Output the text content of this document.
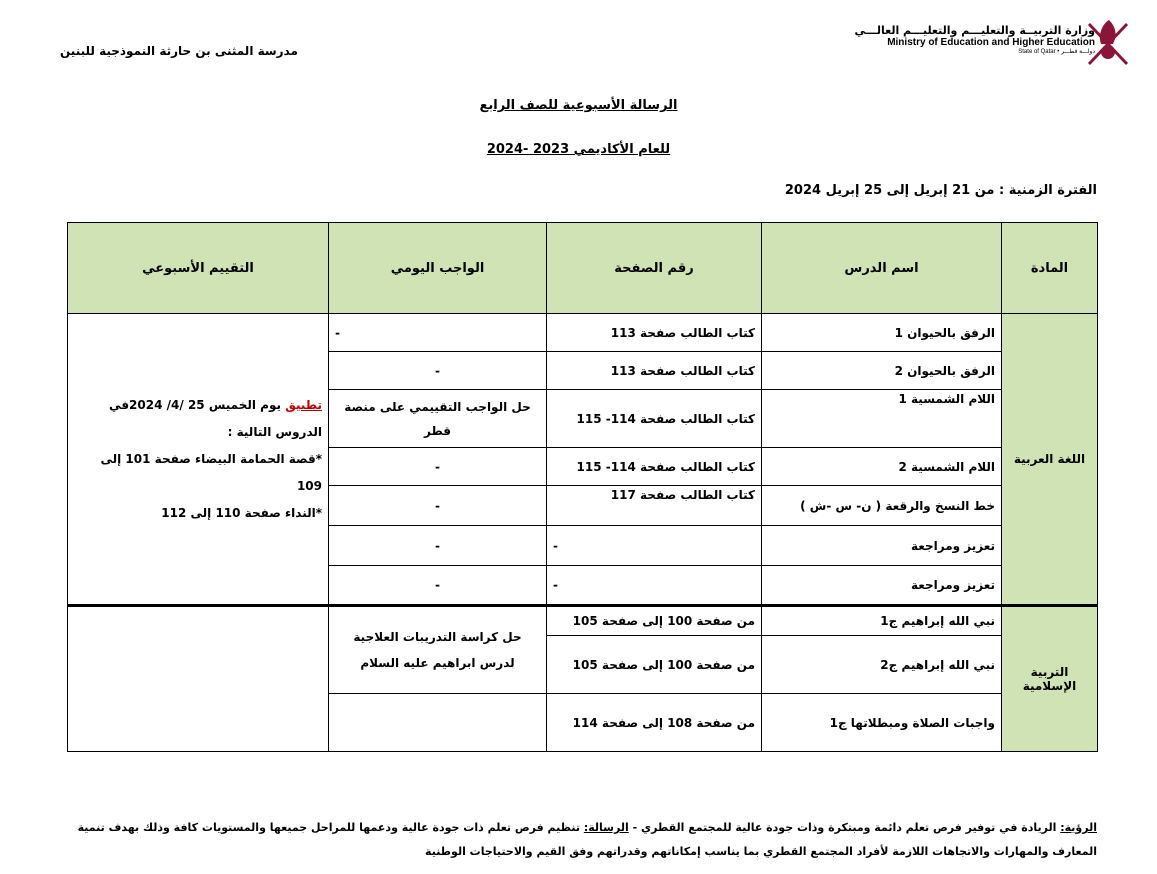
وزارة التربيــة والتعليـــم والتعليـــم العالـــي
Ministry of Education and Higher Education
State of Qatar • دولـــة قطـــر
مدرسة المثنى بن حارثة النموذجية للبنين
الرسالة الأسبوعية للصف الرابع
للعام الأكاديمي 2023 -2024
الفترة الزمنية : من 21 إبريل إلى 25 إبريل 2024
المادة	اسم الدرس	رقم الصفحة	الواجب اليومي	التقييم الأسبوعي
اللغة العربية	الرفق بالحيوان 1	كتاب الطالب صفحة 113	-	تطبيق يوم الخميس 25 /4/ 2024في
الدروس التالية :
*قصة الحمامة البيضاء صفحة 101 إلى
109
*النداء صفحة 110 إلى 112
	الرفق بالحيوان 2	كتاب الطالب صفحة 113	-	
	اللام الشمسية 1	كتاب الطالب صفحة 114- 115	حل الواجب التقييمي على منصة قطر	
	اللام الشمسية 2	كتاب الطالب صفحة 114- 115	-	
	خط النسخ والرقعة ( ن- س -ش )	كتاب الطالب صفحة 117	-	
	تعزيز ومراجعة	-	-	
	تعزيز ومراجعة	-	-	
التربية الإسلامية	نبي الله إبراهيم ج1	من صفحة 100 إلى صفحة 105	حل كراسة التدريبات العلاجية لدرس ابراهيم عليه السلام	
	نبي الله إبراهيم ج2	من صفحة 100 إلى صفحة 105		
	واجبات الصلاة ومبطلاتها ج1	من صفحة 108 إلى صفحة 114		
الرؤية: الريادة في توفير فرص تعلم دائمة ومبتكرة وذات جودة عالية للمجتمع القطري - الرسالة: تنظيم فرص تعلم ذات جودة عالية ودعمها للمراحل جميعها والمستويات كافة وذلك بهدف تنمية المعارف والمهارات والاتجاهات اللازمة لأفراد المجتمع القطري بما يناسب إمكاناتهم وقدراتهم وفق القيم والاحتياجات الوطنية
